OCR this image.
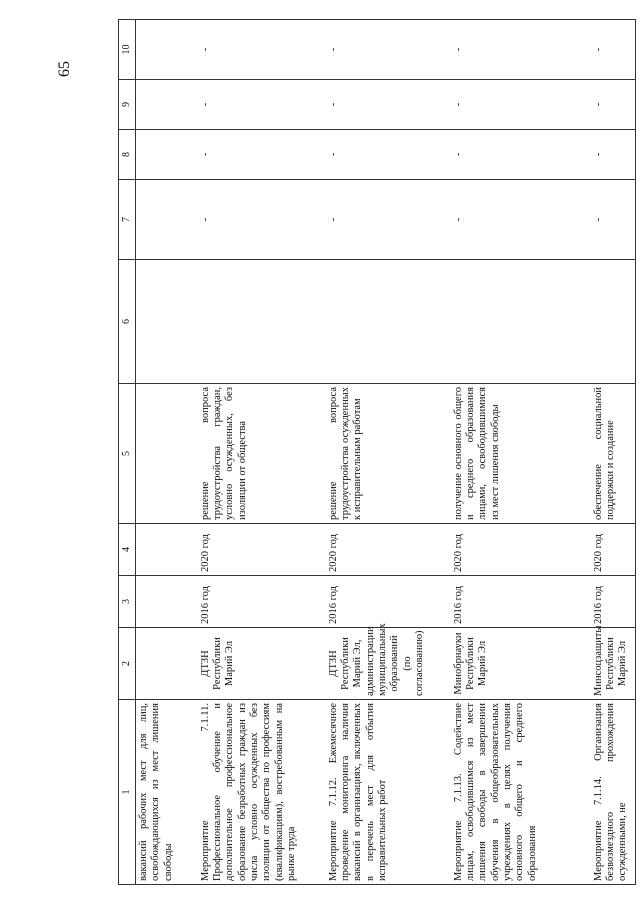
65
1	2	3	4	5	6	7	8	9	10
вакансий рабочих мест для лиц, освобождающихся из мест лишения свободы									
Мероприятие 7.1.11. Профессиональное обучение и дополнительное профессиональное образование безработных граждан из числа условно осужденных без изоляции от общества по профессиям (квалификациям), востребованным на рынке труда	ДТЗН Республики Марий Эл	2016 год	2020 год	решение вопроса трудоустройства граждан, условно осужденных, без изоляции от общества		-	-	-	-
Мероприятие 7.1.12. Ежемесячное проведение мониторинга наличия вакансий в организациях, включенных в перечень мест для отбытия исправительных работ	ДТЗН Республики Марий Эл, администрации муниципальных образований (по согласованию)	2016 год	2020 год	решение вопроса трудоустройства осужденных к исправительным работам		-	-	-	-
Мероприятие 7.1.13. Содействие лицам, освободившимся из мест лишения свободы в завершении обучения в общеобразовательных учреждениях в целях получения основного общего и среднего образования	Минобрнауки Республики Марий Эл	2016 год	2020 год	получение основного общего и среднего образования лицами, освободившимися из мест лишения свободы		-	-	-	-
Мероприятие 7.1.14. Организация безвозмездного прохождения осужденными, не	Минсоцзащиты Республики Марий Эл	2016 год	2020 год	обеспечение социальной поддержки и создание		-	-	-	-
